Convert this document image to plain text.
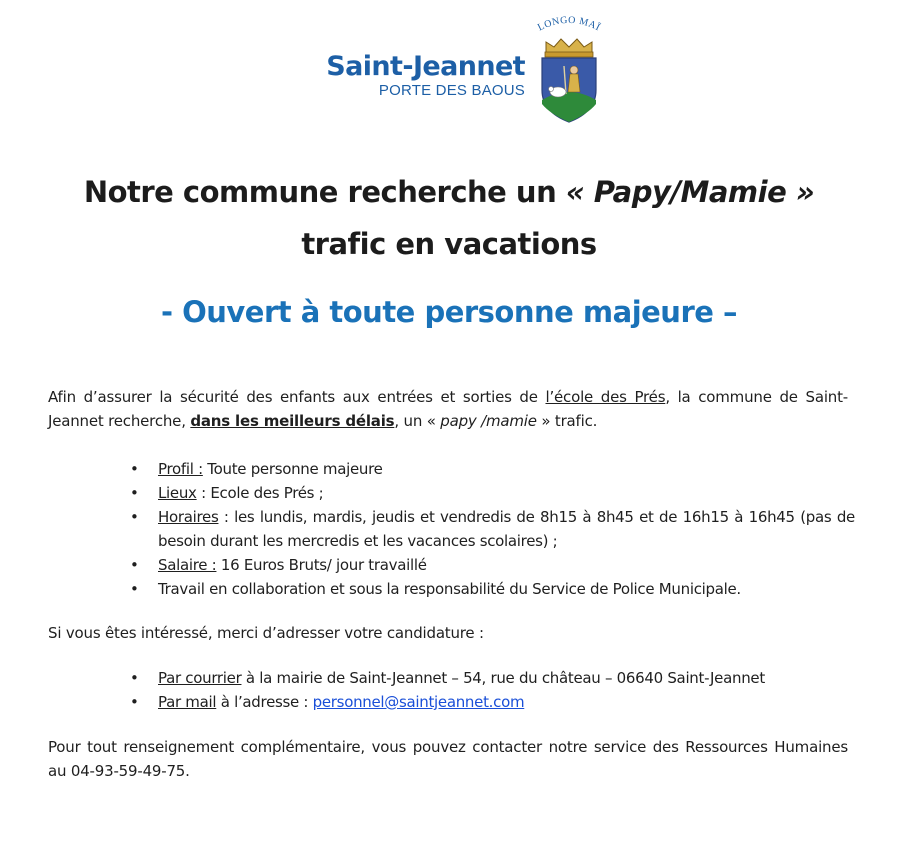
Saint-Jeannet
PORTE DES BAOUS
LONGO MAÏ
Notre commune recherche un « Papy/Mamie »
trafic en vacations
- Ouvert à toute personne majeure –
Afin d’assurer la sécurité des enfants aux entrées et sorties de l’école des Prés, la commune de Saint-Jeannet recherche, dans les meilleurs délais, un « papy /mamie » trafic.
• Profil : Toute personne majeure
• Lieux : Ecole des Prés ;
• Horaires : les lundis, mardis, jeudis et vendredis de 8h15 à 8h45 et de 16h15 à 16h45 (pas de besoin durant les mercredis et les vacances scolaires) ;
• Salaire : 16 Euros Bruts/ jour travaillé
• Travail en collaboration et sous la responsabilité du Service de Police Municipale.
Si vous êtes intéressé, merci d’adresser votre candidature :
• Par courrier à la mairie de Saint-Jeannet – 54, rue du château – 06640 Saint-Jeannet
• Par mail à l’adresse : personnel@saintjeannet.com
Pour tout renseignement complémentaire, vous pouvez contacter notre service des Ressources Humaines au 04-93-59-49-75.
